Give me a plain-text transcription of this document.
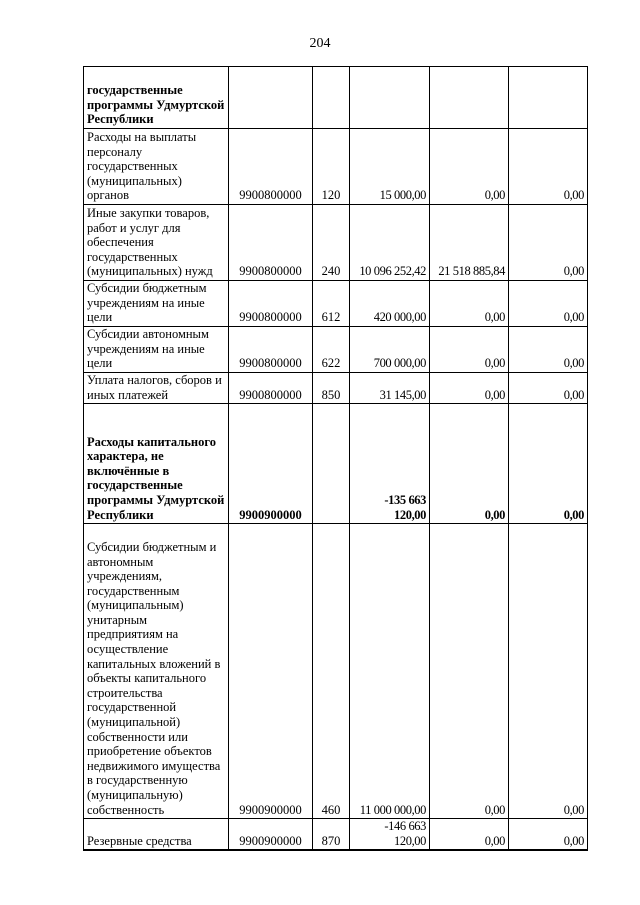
204
государственные программы Удмуртской Республики					
Расходы на выплаты персоналу государственных (муниципальных) органов	9900800000	120	15 000,00	0,00	0,00
Иные закупки товаров, работ и услуг для обеспечения государственных (муниципальных) нужд	9900800000	240	10 096 252,42	21 518 885,84	0,00
Субсидии бюджетным учреждениям на иные цели	9900800000	612	420 000,00	0,00	0,00
Субсидии автономным учреждениям на иные цели	9900800000	622	700 000,00	0,00	0,00
Уплата налогов, сборов и иных платежей	9900800000	850	31 145,00	0,00	0,00
Расходы капитального характера, не включённые в государственные программы Удмуртской Республики	9900900000		-135 663 120,00	0,00	0,00
Субсидии бюджетным и автономным учреждениям, государственным (муниципальным) унитарным предприятиям на осуществление капитальных вложений в объекты капитального строительства государственной (муниципальной) собственности или приобретение объектов недвижимого имущества в государственную (муниципальную) собственность	9900900000	460	11 000 000,00	0,00	0,00
Резервные средства	9900900000	870	-146 663 120,00	0,00	0,00
